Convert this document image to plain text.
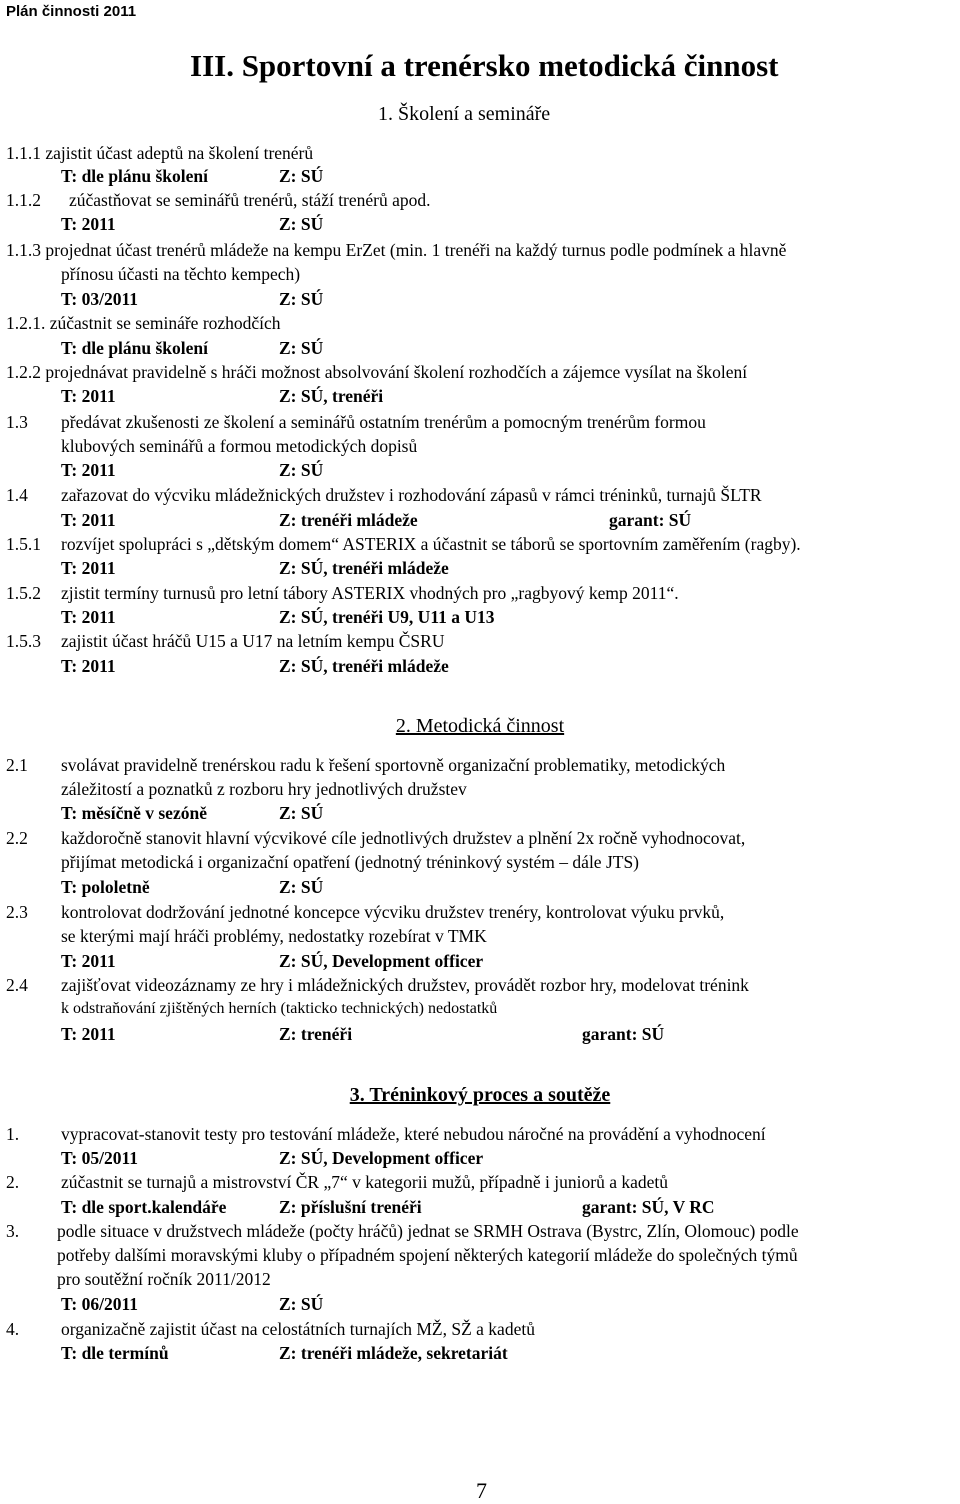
Plán činnosti 2011
III. Sportovní a trenérsko metodická činnost
1. Školení a semináře
1.1.1 zajistit účast adeptů na školení trenérů
T: dle plánu školení	Z: SÚ
1.1.2 zúčastňovat se seminářů trenérů, stáží trenérů apod.
T: 2011	Z: SÚ
1.1.3 projednat účast trenérů mládeže na kempu ErZet (min. 1 trenéři na každý turnus podle podmínek a hlavně
přínosu účasti na těchto kempech)
T: 03/2011	Z: SÚ
1.2.1. zúčastnit se semináře rozhodčích
T: dle plánu školení	Z: SÚ
1.2.2 projednávat pravidelně s hráči možnost absolvování školení rozhodčích a zájemce vysílat na školení
T: 2011	Z: SÚ, trenéři
1.3 předávat zkušenosti ze školení a seminářů ostatním trenérům a pomocným trenérům formou
klubových seminářů a formou metodických dopisů
T: 2011	Z: SÚ
1.4 zařazovat do výcviku mládežnických družstev i rozhodování zápasů v rámci tréninků, turnajů ŠLTR
T: 2011	Z: trenéři mládeže	garant: SÚ
1.5.1 rozvíjet spolupráci s „dětským domem“ ASTERIX a účastnit se táborů se sportovním zaměřením (ragby).
T: 2011	Z: SÚ, trenéři mládeže
1.5.2 zjistit termíny turnusů pro letní tábory ASTERIX vhodných pro „ragbyový kemp 2011“.
T: 2011	Z: SÚ, trenéři U9, U11 a U13
1.5.3 zajistit účast hráčů U15 a U17 na letním kempu ČSRU
T: 2011	Z: SÚ, trenéři mládeže
2. Metodická činnost
2.1 svolávat pravidelně trenérskou radu k řešení sportovně organizační problematiky, metodických
záležitostí a poznatků z rozboru hry jednotlivých družstev
T: měsíčně v sezóně	Z: SÚ
2.2 každoročně stanovit hlavní výcvikové cíle jednotlivých družstev a plnění 2x ročně vyhodnocovat,
přijímat metodická i organizační opatření (jednotný tréninkový systém – dále JTS)
T: pololetně	Z: SÚ
2.3 kontrolovat dodržování jednotné koncepce výcviku družstev trenéry, kontrolovat výuku prvků,
se kterými mají hráči problémy, nedostatky rozebírat v TMK
T: 2011	Z: SÚ, Development officer
2.4 zajišťovat videozáznamy ze hry i mládežnických družstev, provádět rozbor hry, modelovat trénink
k odstraňování zjištěných herních (takticko technických) nedostatků
T: 2011	Z: trenéři	garant: SÚ
3. Tréninkový proces a soutěže
1. vypracovat-stanovit testy pro testování mládeže, které nebudou náročné na provádění a vyhodnocení
T: 05/2011	Z: SÚ, Development officer
2. zúčastnit se turnajů a mistrovství ČR „7“ v kategorii mužů, případně i juniorů a kadetů
T: dle sport.kalendáře	Z: příslušní trenéři	garant: SÚ, V RC
3. podle situace v družstvech mládeže (počty hráčů) jednat se SRMH Ostrava (Bystrc, Zlín, Olomouc) podle
potřeby dalšími moravskými kluby o případném spojení některých kategorií mládeže do společných týmů
pro soutěžní ročník 2011/2012
T: 06/2011	Z: SÚ
4. organizačně zajistit účast na celostátních turnajích MŽ, SŽ a kadetů
T: dle termínů	Z: trenéři mládeže, sekretariát
7
